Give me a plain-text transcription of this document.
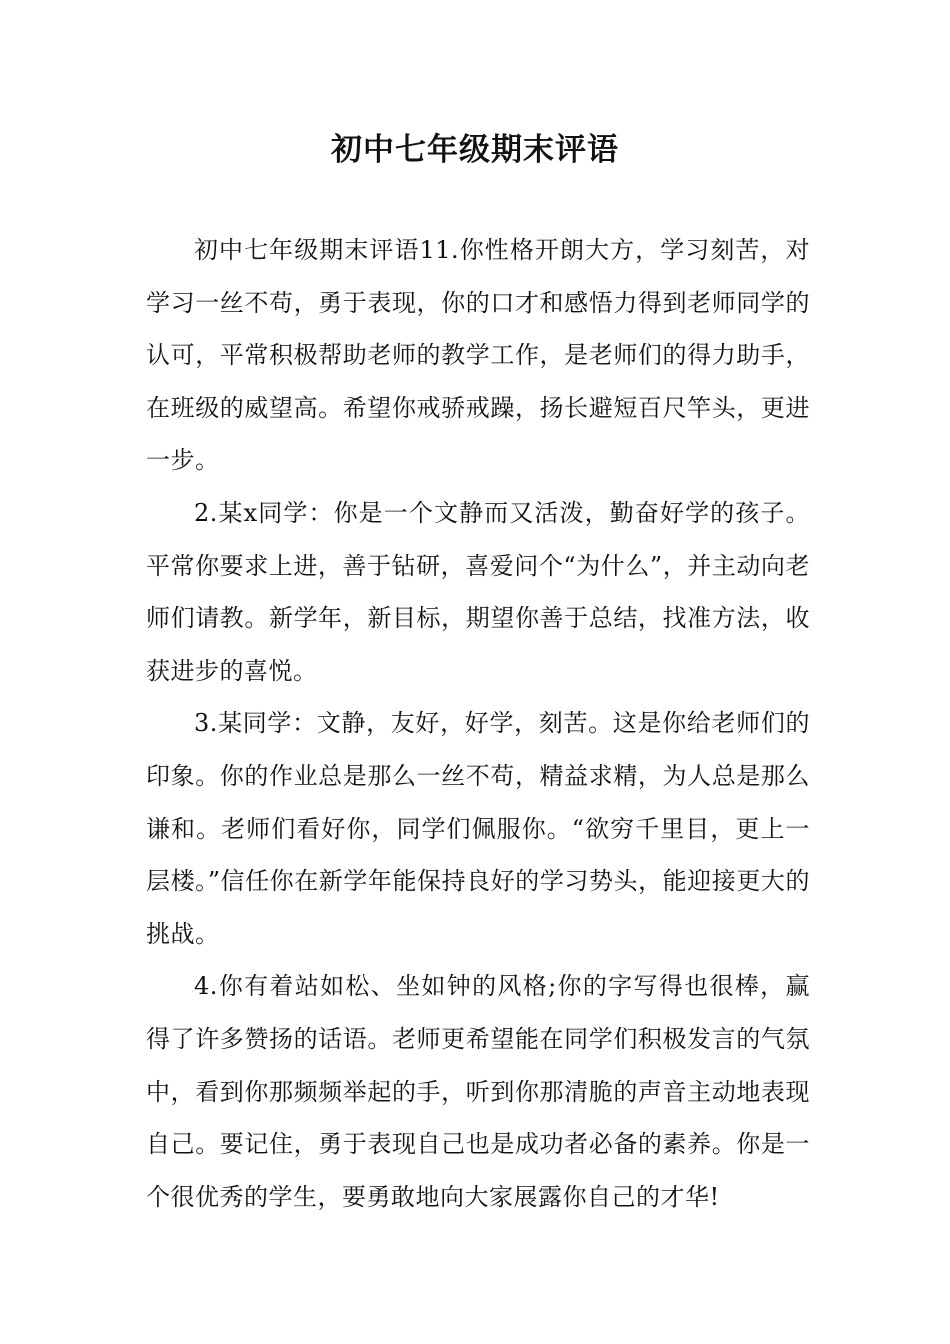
初中七年级期末评语

初中七年级期末评语11.你性格开朗大方，学习刻苦，对学习一丝不苟，勇于表现，你的口才和感悟力得到老师同学的认可，平常积极帮助老师的教学工作，是老师们的得力助手，在班级的威望高。希望你戒骄戒躁，扬长避短百尺竿头，更进一步。

2.某x同学：你是一个文静而又活泼，勤奋好学的孩子。平常你要求上进，善于钻研，喜爱问个“为什么”，并主动向老师们请教。新学年，新目标，期望你善于总结，找准方法，收获进步的喜悦。

3.某同学：文静，友好，好学，刻苦。这是你给老师们的印象。你的作业总是那么一丝不苟，精益求精，为人总是那么谦和。老师们看好你，同学们佩服你。“欲穷千里目，更上一层楼。”信任你在新学年能保持良好的学习势头，能迎接更大的挑战。

4.你有着站如松、坐如钟的风格;你的字写得也很棒，赢得了许多赞扬的话语。老师更希望能在同学们积极发言的气氛中，看到你那频频举起的手，听到你那清脆的声音主动地表现自己。要记住，勇于表现自己也是成功者必备的素养。你是一个很优秀的学生，要勇敢地向大家展露你自己的才华!
